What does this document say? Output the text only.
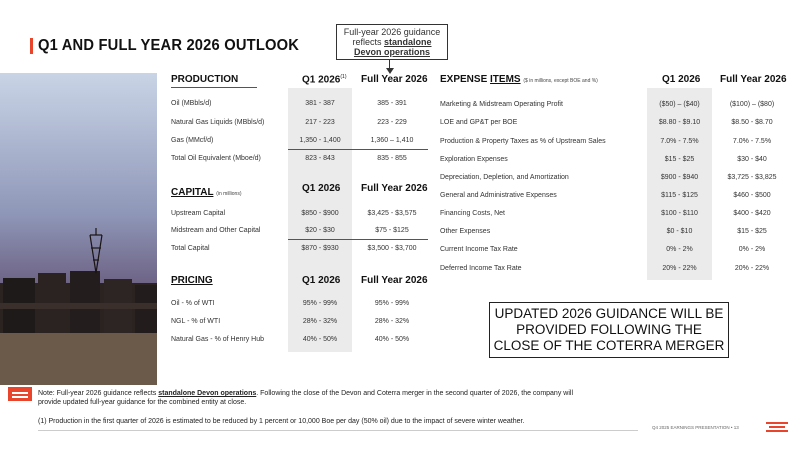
Q1 AND FULL YEAR 2026 OUTLOOK
Full-year 2026 guidance
reflects standalone
Devon operations
PRODUCTION	Q1 2026$^{(1)}$ Full Year 2026
Oil (MBbls/d)	381 - 387	385 - 391
Natural Gas Liquids (MBbls/d)	217 - 223	223 - 229
Gas (MMcf/d)	1,350 - 1,400	1,360 – 1,410
Total Oil Equivalent (Mboe/d)	823 - 843	835 - 855
CAPITAL (in millions)	Q1 2026 Full Year 2026
Upstream Capital	$850 - $900	$3,425 - $3,575
Midstream and Other Capital	$20 - $30	$75 - $125
Total Capital	$870 - $930	$3,500 - $3,700
PRICING	Q1 2026 Full Year 2026
Oil - % of WTI	95% - 99%	95% - 99%
NGL - % of WTI	28% - 32%	28% - 32%
Natural Gas - % of Henry Hub	40% - 50%	40% - 50%
EXPENSE ITEMS ($ in millions, except BOE and %)	Q1 2026 Full Year 2026
Marketing & Midstream Operating Profit	($50) – ($40)	($100) – ($80)
LOE and GP&T per BOE	$8.80 - $9.10	$8.50 - $8.70
Production & Property Taxes as % of Upstream Sales	7.0% - 7.5%	7.0% - 7.5%
Exploration Expenses	$15 - $25	$30 - $40
Depreciation, Depletion, and Amortization	$900 - $940	$3,725 - $3,825
General and Administrative Expenses	$115 - $125	$460 - $500
Financing Costs, Net	$100 - $110	$400 - $420
Other Expenses	$0 - $10	$15 - $25
Current Income Tax Rate	0% - 2%	0% - 2%
Deferred Income Tax Rate	20% - 22%	20% - 22%
UPDATED 2026 GUIDANCE WILL BE
PROVIDED FOLLOWING THE
CLOSE OF THE COTERRA MERGER
Note: Full-year 2026 guidance reflects standalone Devon operations. Following the close of the Devon and Coterra merger in the second quarter of 2026, the company will provide updated full-year guidance for the combined entity at close.
(1) Production in the first quarter of 2026 is estimated to be reduced by 1 percent or 10,000 Boe per day (50% oil) due to the impact of severe winter weather.
Q4 2025 EARNINGS PRESENTATION • 13
